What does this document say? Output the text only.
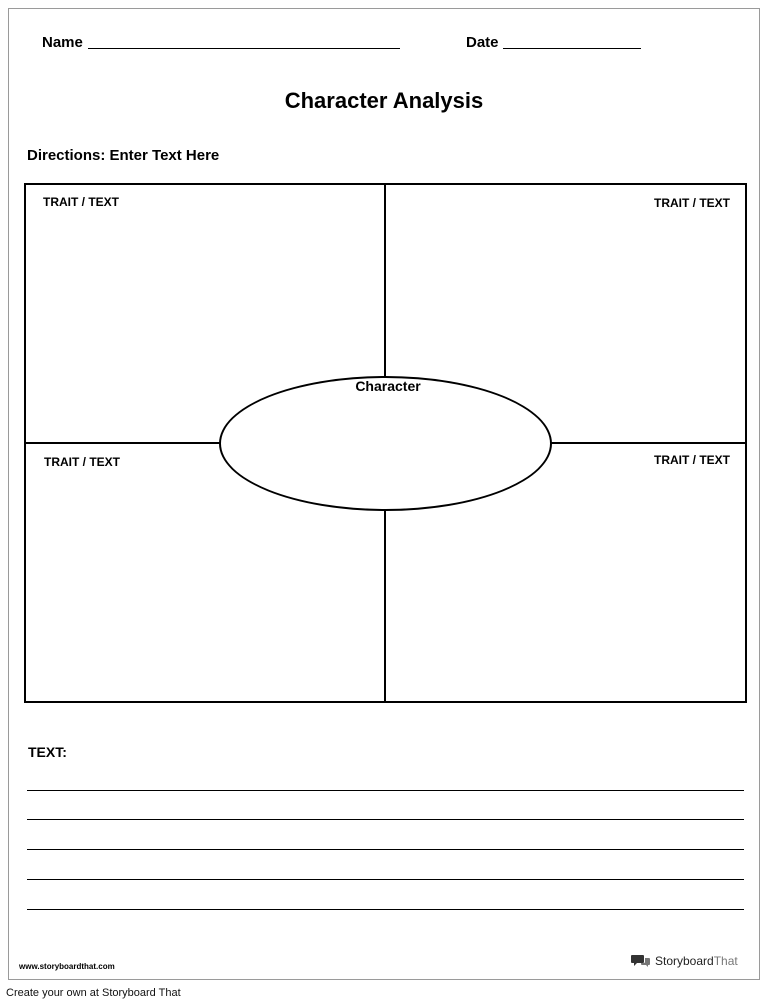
Name	Date
Character Analysis
Directions: Enter Text Here
Character
TRAIT / TEXT	TRAIT / TEXT
TRAIT / TEXT	TRAIT / TEXT
TEXT:
www.storyboardthat.com	StoryboardThat
Create your own at Storyboard That
